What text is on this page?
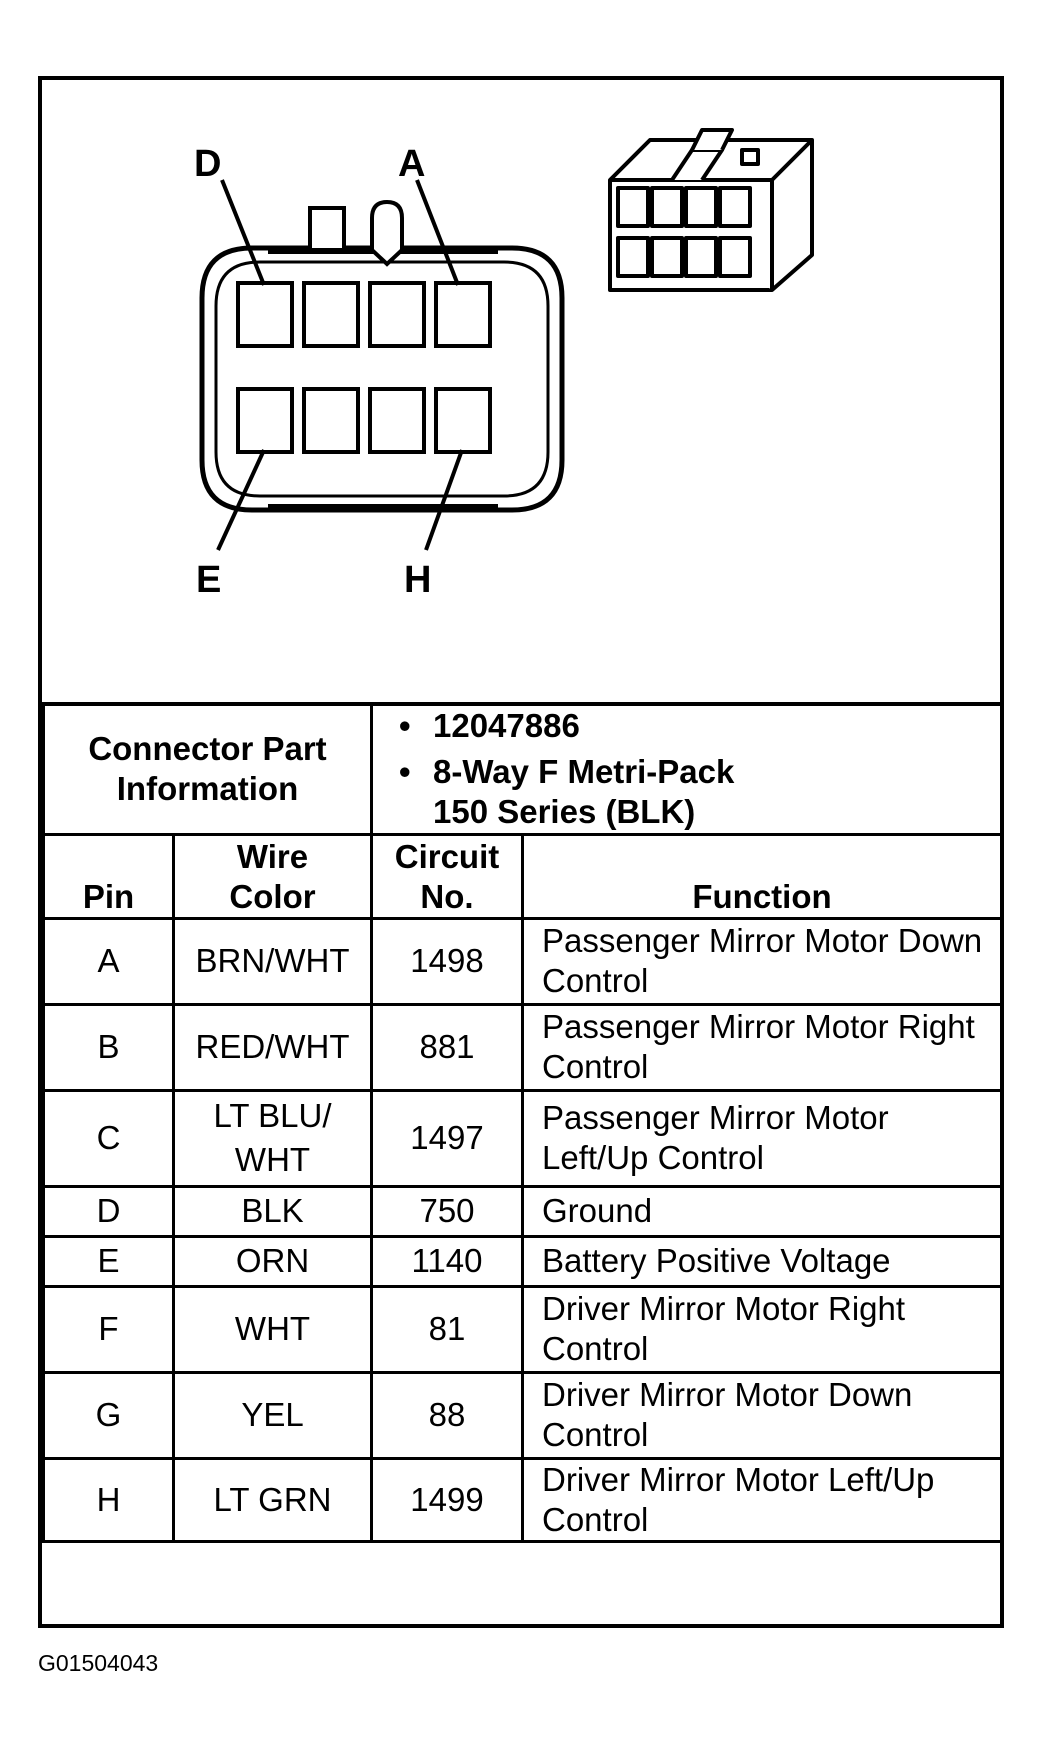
D	A
E	H
Connector Part Information		• 12047886
• 8-Way F Metri-Pack 150 Series (BLK)	

Pin	Wire Color	Circuit No.	Function
A	BRN/WHT	1498	Passenger Mirror Motor Down Control
B	RED/WHT	881	Passenger Mirror Motor Right Control
C	LT BLU/ WHT	1497	Passenger Mirror Motor Left/Up Control
D	BLK	750	Ground
E	ORN	1140	Battery Positive Voltage
F	WHT	81	Driver Mirror Motor Right Control
G	YEL	88	Driver Mirror Motor Down Control
H	LT GRN	1499	Driver Mirror Motor Left/Up Control
G01504043
